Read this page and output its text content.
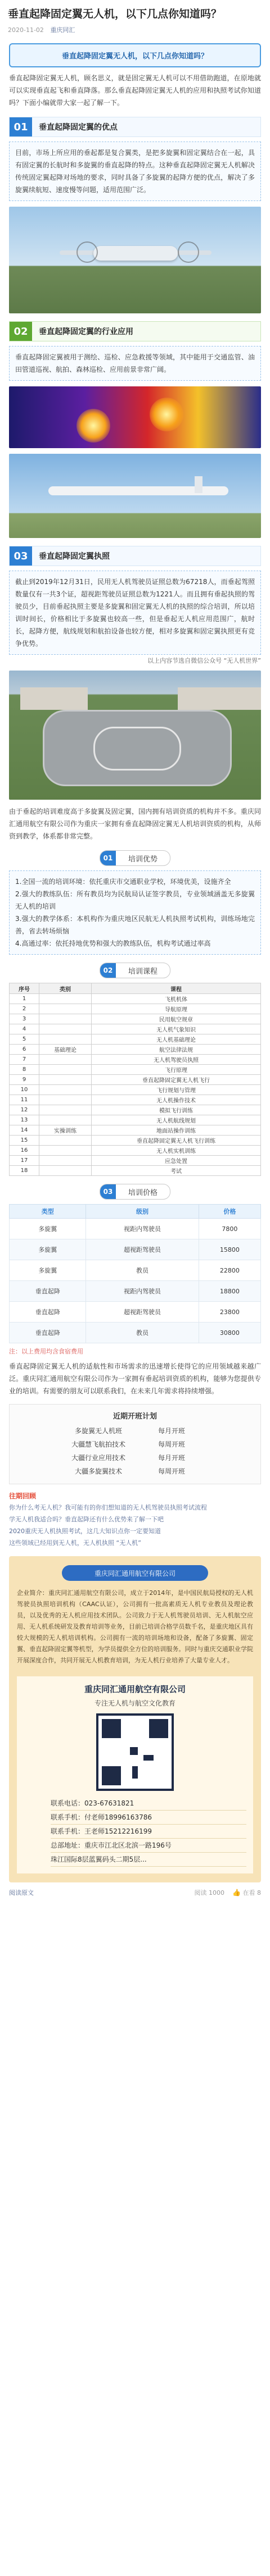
垂直起降固定翼无人机，以下几点你知道吗？
2020-11-02 重庆同汇
垂直起降固定翼无人机，以下几点你知道吗？

垂直起降固定翼无人机，顾名思义，就是固定翼无人机可以不用借助跑道，在原地就可以实现垂直起飞和垂直降落。那么垂直起降固定翼无人机的应用和执照考试你知道吗？下面小编就带大家一起了解一下。

01	垂直起降固定翼的优点
目前，市场上所应用的垂起都是复合翼类，是把多旋翼和固定翼结合在一起，具有固定翼的长航时和多旋翼的垂直起降的特点。这种垂直起降固定翼无人机解决传统固定翼起降对场地的要求，同时具备了多旋翼的起降方便的优点，解决了多旋翼续航短、速度慢等问题，适用范围广泛。
02	垂直起降固定翼的行业应用
垂直起降固定翼被用于测绘、巡检、应急救援等领域，其中能用于交通监管、油田管道巡视、航拍、森林巡检、应用前景非常广阔。
03	垂直起降固定翼执照
截止到2019年12月31日，民用无人机驾驶员证照总数为67218人，而垂起驾照数量仅有一共3个证，超视距驾驶员证照总数为1221人。而且拥有垂起执照的驾驶员少，目前垂起执照主要是多旋翼和固定翼无人机的执照的综合培训，所以培训时间长，价格相比于多旋翼也较高一些，但是垂起无人机应用范围广，航时长，起降方便，航线规划和航拍设备也较方便，相对多旋翼和固定翼执照更有竞争优势。
以上内容节选自微信公众号 “无人机世界”

由于垂起的培训难度高于多旋翼及固定翼，国内拥有培训资质的机构并不多。重庆同汇通用航空有限公司作为重庆一家拥有垂直起降固定翼无人机培训资质的机构，从师资到教学，体系都非常完整。

01	培训优势
1.全国一流的培训环境：依托重庆市交通职业学校，环境优美，设施齐全
2.强大的教练队伍：所有教员均为民航局认证签字教员，专业领域涵盖无多旋翼无人机的培训
3.强大的教学体系：本机构作为重庆地区民航无人机执照考试机构，训练场地完善，省去转场烦恼
4.高通过率：依托持地优势和强大的教练队伍，机构考试通过率高
02	培训课程
序号	类别	课程
1		飞机机体
2		导航原理
3		民用航空规章
4		无人机气象知识
5		无人机基础理论
6	基础理论	航空法律法规
7		无人机驾驶员执照
8		飞行原理
9		垂直起降固定翼无人机飞行
10		飞行规划与管理
11		无人机操作技术
12		模拟飞行训练
13		无人机航线规划
14	实操训练	地面站操作训练
15		垂直起降固定翼无人机飞行训练
16		无人机实机训练
17		应急处置
18		考试
03	培训价格
类型	级别	价格
多旋翼	视距内驾驶员	7800
多旋翼	超视距驾驶员	15800
多旋翼	教员	22800
垂直起降	视距内驾驶员	18800
垂直起降	超视距驾驶员	23800
垂直起降	教员	30800
注：以上费用均含食宿费用

垂直起降固定翼无人机的适航性和市场需求的迅速增长使得它的应用领域越来越广泛。重庆同汇通用航空有限公司作为一家拥有垂起培训资质的机构，能够为您提供专业的培训。有需要的朋友可以联系我们，在未来几年需求将持续增强。

近期开班计划
多旋翼无人机班	每月开班
大疆慧飞航拍技术	每周开班
大疆行业应用技术	每月开班
大疆多旋翼技术	每周开班
往期回顾
你为什么考无人机？我可能有的你们想知道的无人机驾驶员执照考试流程
学无人机我适合吗？垂直起降还有什么优势来了解一下吧
2020重庆无人机执照考试，这几大知识点你一定要知道
这些领域已经用到无人机，无人机执照 “无人机”
重庆同汇通用航空有限公司
企业简介：重庆同汇通用航空有限公司，成立于2014年，是中国民航局授权的无人机驾驶员执照培训机构（CAAC认证），公司拥有一批高素质无人机专业教员及理论教员，以及优秀的无人机应用技术团队。公司致力于无人机驾驶员培训、无人机航空应用、无人机系统研发及教育培训等业务，目前已培训合格学员数千名，是重庆地区具有较大规模的无人机培训机构。公司拥有一流的培训场地和设备，配备了多旋翼、固定翼、垂直起降固定翼等机型，为学员提供全方位的培训服务。同时与重庆交通职业学院开展深度合作，共同开展无人机教育培训，为无人机行业培养了大量专业人才。
重庆同汇通用航空有限公司
专注无人机与航空文化教育
联系电话：023-67631821
联系手机：付老师18996163786
联系手机：王老师15212216199
总部地址：重庆市江北区北滨一路196号
珠江国际8层蓝翼码头二期5层...
阅读原文	阅读 1000 👍 在看 8
